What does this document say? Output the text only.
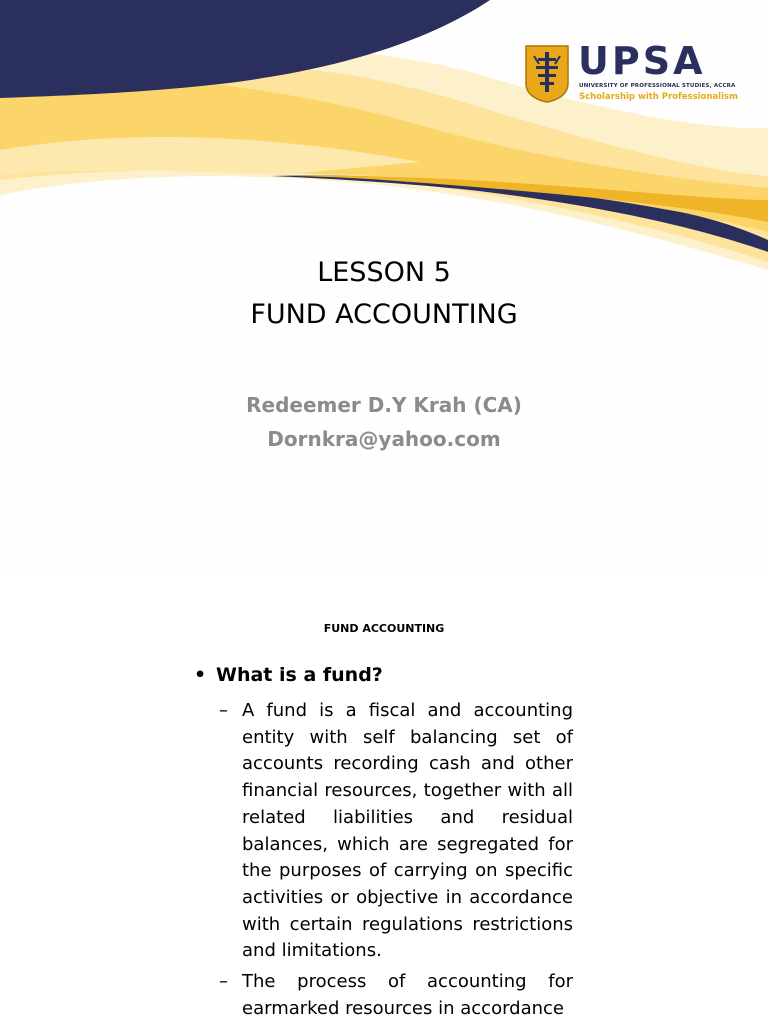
UPSA
UNIVERSITY OF PROFESSIONAL STUDIES, ACCRA
Scholarship with Professionalism
LESSON 5
FUND ACCOUNTING
Redeemer D.Y Krah (CA)
Dornkra@yahoo.com
FUND ACCOUNTING
• What is a fund?
– A fund is a fiscal and accounting entity with self balancing set of accounts recording cash and other financial resources, together with all related liabilities and residual balances, which are segregated for the purposes of carrying on specific activities or objective in accordance with certain regulations restrictions and limitations.
– The process of accounting for earmarked resources in accordance
